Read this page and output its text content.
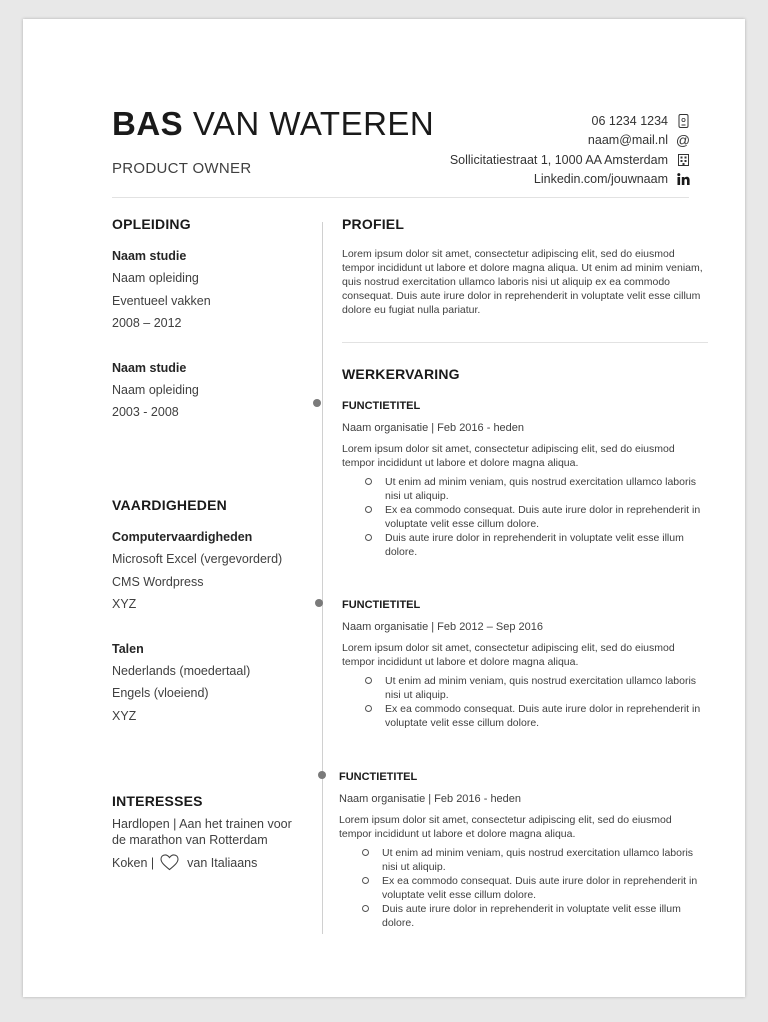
BAS VAN WATEREN
PRODUCT OWNER
06 1234 1234
naam@mail.nl @
Sollicitatiestraat 1, 1000 AA Amsterdam
Linkedin.com/jouwnaam
OPLEIDING
Naam studie
Naam opleiding
Eventueel vakken
2008 – 2012
Naam studie
Naam opleiding
2003 - 2008
VAARDIGHEDEN
Computervaardigheden
Microsoft Excel (vergevorderd)
CMS Wordpress
XYZ
Talen
Nederlands (moedertaal)
Engels (vloeiend)
XYZ
INTERESSES
Hardlopen | Aan het trainen voor de marathon van Rotterdam
Koken |	van Italiaans
PROFIEL

Lorem ipsum dolor sit amet, consectetur adipiscing elit, sed do eiusmod tempor incididunt ut labore et dolore magna aliqua. Ut enim ad minim veniam, quis nostrud exercitation ullamco laboris nisi ut aliquip ex ea commodo consequat. Duis aute irure dolor in reprehenderit in voluptate velit esse cillum dolore eu fugiat nulla pariatur.

WERKERVARING
FUNCTIETITEL
Naam organisatie | Feb 2016 - heden

Lorem ipsum dolor sit amet, consectetur adipiscing elit, sed do eiusmod tempor incididunt ut labore et dolore magna aliqua.

Ut enim ad minim veniam, quis nostrud exercitation ullamco laboris nisi ut aliquip.
Ex ea commodo consequat. Duis aute irure dolor in reprehenderit in voluptate velit esse cillum dolore.
Duis aute irure dolor in reprehenderit in voluptate velit esse illum dolore.
FUNCTIETITEL
Naam organisatie | Feb 2012 – Sep 2016

Lorem ipsum dolor sit amet, consectetur adipiscing elit, sed do eiusmod tempor incididunt ut labore et dolore magna aliqua.

Ut enim ad minim veniam, quis nostrud exercitation ullamco laboris nisi ut aliquip.
Ex ea commodo consequat. Duis aute irure dolor in reprehenderit in voluptate velit esse cillum dolore.
FUNCTIETITEL
Naam organisatie | Feb 2016 - heden

Lorem ipsum dolor sit amet, consectetur adipiscing elit, sed do eiusmod tempor incididunt ut labore et dolore magna aliqua.

Ut enim ad minim veniam, quis nostrud exercitation ullamco laboris nisi ut aliquip.
Ex ea commodo consequat. Duis aute irure dolor in reprehenderit in voluptate velit esse cillum dolore.
Duis aute irure dolor in reprehenderit in voluptate velit esse illum dolore.
